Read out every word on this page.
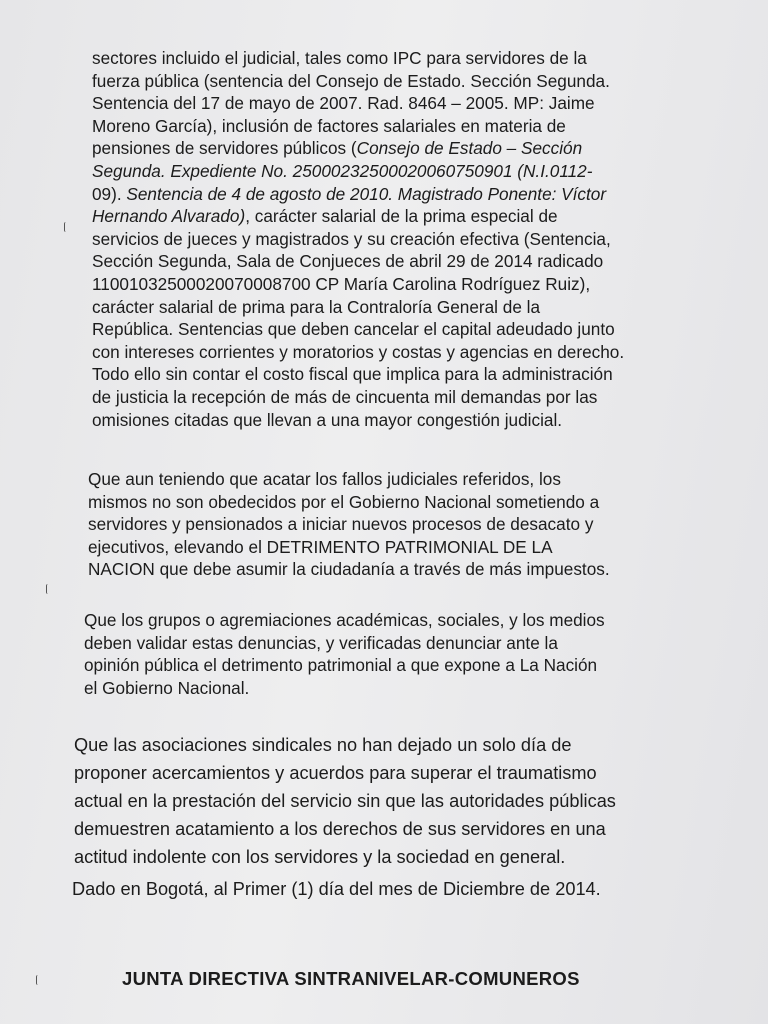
sectores incluido el judicial, tales como IPC para servidores de la
fuerza pública (sentencia del Consejo de Estado. Sección Segunda.
Sentencia del 17 de mayo de 2007. Rad. 8464 – 2005. MP: Jaime
Moreno García), inclusión de factores salariales en materia de
pensiones de servidores públicos (Consejo de Estado – Sección
Segunda. Expediente No. 25000232500020060750901 (N.I.0112-
09). Sentencia de 4 de agosto de 2010. Magistrado Ponente: Víctor
Hernando Alvarado), carácter salarial de la prima especial de
servicios de jueces y magistrados y su creación efectiva (Sentencia,
Sección Segunda, Sala de Conjueces de abril 29 de 2014 radicado
11001032500020070008700 CP María Carolina Rodríguez Ruiz),
carácter salarial de prima para la Contraloría General de la
República. Sentencias que deben cancelar el capital adeudado junto
con intereses corrientes y moratorios y costas y agencias en derecho.
Todo ello sin contar el costo fiscal que implica para la administración
de justicia la recepción de más de cincuenta mil demandas por las
omisiones citadas que llevan a una mayor congestión judicial.
Que aun teniendo que acatar los fallos judiciales referidos, los
mismos no son obedecidos por el Gobierno Nacional sometiendo a
servidores y pensionados a iniciar nuevos procesos de desacato y
ejecutivos, elevando el DETRIMENTO PATRIMONIAL DE LA
NACION que debe asumir la ciudadanía a través de más impuestos.
Que los grupos o agremiaciones académicas, sociales, y los medios
deben validar estas denuncias, y verificadas denunciar ante la
opinión pública el detrimento patrimonial a que expone a La Nación
el Gobierno Nacional.
Que las asociaciones sindicales no han dejado un solo día de
proponer acercamientos y acuerdos para superar el traumatismo
actual en la prestación del servicio sin que las autoridades públicas
demuestren acatamiento a los derechos de sus servidores en una
actitud indolente con los servidores y la sociedad en general.
Dado en Bogotá, al Primer (1) día del mes de Diciembre de 2014.
JUNTA DIRECTIVA SINTRANIVELAR-COMUNEROS
